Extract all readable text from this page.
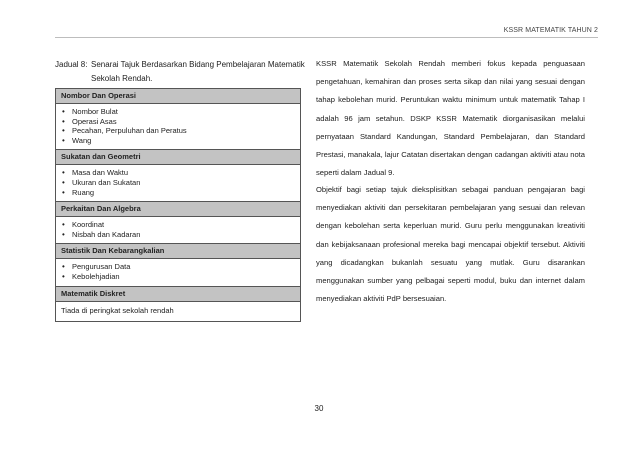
KSSR MATEMATIK TAHUN 2
Jadual 8: Senarai Tajuk Berdasarkan Bidang Pembelajaran Matematik Sekolah Rendah.
Nombor Dan Operasi
• Nombor Bulat
• Operasi Asas
• Pecahan, Perpuluhan dan Peratus
• Wang
Sukatan dan Geometri
• Masa dan Waktu
• Ukuran dan Sukatan
• Ruang
Perkaitan Dan Algebra
• Koordinat
• Nisbah dan Kadaran
Statistik Dan Kebarangkalian
• Pengurusan Data
• Kebolehjadian
Matematik Diskret
Tiada di peringkat sekolah rendah
KSSR Matematik Sekolah Rendah memberi fokus kepada penguasaan pengetahuan, kemahiran dan proses serta sikap dan nilai yang sesuai dengan tahap kebolehan murid. Peruntukan waktu minimum untuk matematik Tahap I adalah 96 jam setahun. DSKP KSSR Matematik diorganisasikan melalui pernyataan Standard Kandungan, Standard Pembelajaran, dan Standard Prestasi, manakala, lajur Catatan disertakan dengan cadangan aktiviti atau nota seperti dalam Jadual 9.
Objektif bagi setiap tajuk dieksplisitkan sebagai panduan pengajaran bagi menyediakan aktiviti dan persekitaran pembelajaran yang sesuai dan relevan dengan kebolehan serta keperluan murid. Guru perlu menggunakan kreativiti dan kebijaksanaan profesional mereka bagi mencapai objektif tersebut. Aktiviti yang dicadangkan bukanlah sesuatu yang mutlak. Guru disarankan menggunakan sumber yang pelbagai seperti modul, buku dan internet dalam menyediakan aktiviti PdP bersesuaian.
30
